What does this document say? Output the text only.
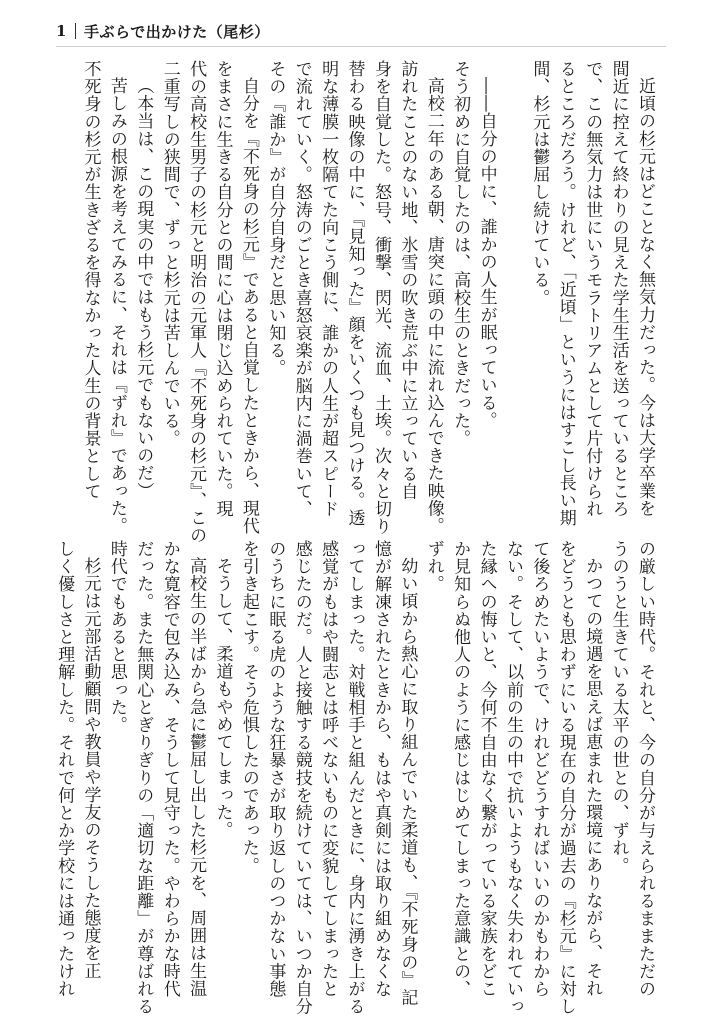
1 手ぶらで出かけた（尾杉）

近頃の杉元はどことなく無気力だった。今は大学卒業を

間近に控えて終わりの見えた学生生活を送っているところ

で、この無気力は世にいうモラトリアムとして片付けられ

るところだろう。けれど、「近頃」というにはすこし長い期

間、杉元は鬱屈し続けている。

――自分の中に、誰かの人生が眠っている。

そう初めに自覚したのは、高校生のときだった。

高校二年のある朝、唐突に頭の中に流れ込んできた映像。

訪れたことのない地、氷雪の吹き荒ぶ中に立っている自

身を自覚した。怒号、衝撃、閃光、流血、土埃。次々と切り

替わる映像の中に、『見知った』顔をいくつも見つける。透

明な薄膜一枚隔てた向こう側に、誰かの人生が超スピード

で流れていく。怒涛のごとき喜怒哀楽が脳内に渦巻いて、

その『誰か』が自分自身だと思い知る。

自分を『不死身の杉元』であると自覚したときから、現代

をまさに生きる自分との間に心は閉じ込められていた。現

代の高校生男子の杉元と明治の元軍人『不死身の杉元』、この

二重写しの狭間で、ずっと杉元は苦しんでいる。

（本当は、この現実の中ではもう杉元でもないのだ）

苦しみの根源を考えてみるに、それは『ずれ』であった。

不死身の杉元が生きざるを得なかった人生の背景として

の厳しい時代。それと、今の自分が与えられるままただの

うのうと生きている太平の世との、ずれ。

かつての境遇を思えば恵まれた環境にありながら、それ

をどうとも思わずにいる現在の自分が過去の『杉元』に対し

て後ろめたいようで、けれどどうすればいいのかもわから

ない。そして、以前の生の中で抗いようもなく失われていっ

た縁への悔いと、今何不自由なく繋がっている家族をどこ

か見知らぬ他人のように感じはじめてしまった意識との、

ずれ。

幼い頃から熱心に取り組んでいた柔道も、『不死身の』記

憶が解凍されたときから、もはや真剣には取り組めなくな

ってしまった。対戦相手と組んだときに、身内に湧き上がる

感覚がもはや闘志とは呼べないものに変貌してしまったと

感じたのだ。人と接触する競技を続けていては、いつか自分

のうちに眠る虎のような狂暴さが取り返しのつかない事態

を引き起こす。そう危惧したのであった。

そうして、柔道もやめてしまった。

高校生の半ばから急に鬱屈し出した杉元を、周囲は生温

かな寛容で包み込み、そうして見守った。やわらかな時代

だった。また無関心とぎりぎりの「適切な距離」が尊ばれる

時代でもあると思った。

杉元は元部活動顧問や教員や学友のそうした態度を正

しく優しさと理解した。それで何とか学校には通ったけれ
